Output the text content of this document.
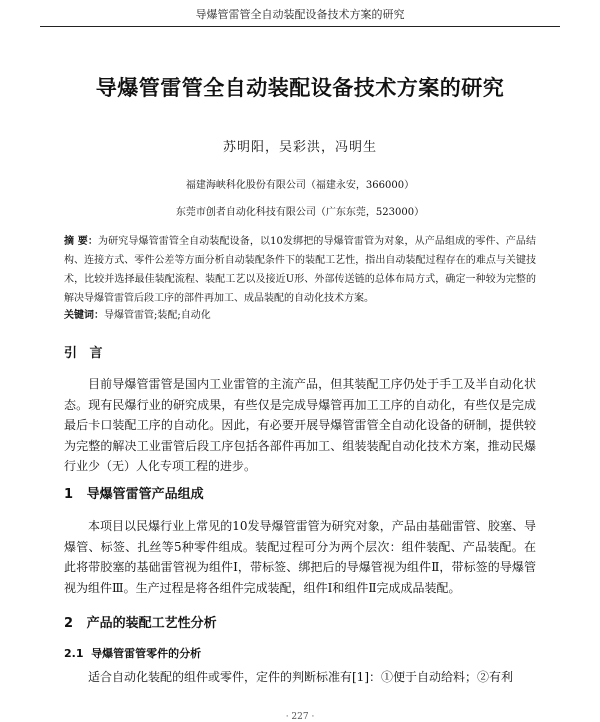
导爆管雷管全自动装配设备技术方案的研究
导爆管雷管全自动装配设备技术方案的研究
苏明阳，吴彩洪，冯明生
福建海峡科化股份有限公司（福建永安，366000）
东莞市创者自动化科技有限公司（广东东莞，523000）
摘 要：为研究导爆管雷管全自动装配设备，以10发绑把的导爆管雷管为对象，从产品组成的零件、产品结构、连接方式、零件公差等方面分析自动装配条件下的装配工艺性，指出自动装配过程存在的难点与关键技术，比较并选择最佳装配流程、装配工艺以及接近U形、外部传送链的总体布局方式，确定一种较为完整的解决导爆管雷管后段工序的部件再加工、成品装配的自动化技术方案。
关键词：导爆管雷管;装配;自动化
引 言
目前导爆管雷管是国内工业雷管的主流产品，但其装配工序仍处于手工及半自动化状态。现有民爆行业的研究成果，有些仅是完成导爆管再加工工序的自动化，有些仅是完成最后卡口装配工序的自动化。因此，有必要开展导爆管雷管全自动化设备的研制，提供较为完整的解决工业雷管后段工序包括各部件再加工、组装装配自动化技术方案，推动民爆行业少（无）人化专项工程的进步。
1 导爆管雷管产品组成
本项目以民爆行业上常见的10发导爆管雷管为研究对象，产品由基础雷管、胶塞、导爆管、标签、扎丝等5种零件组成。装配过程可分为两个层次：组件装配、产品装配。在此将带胶塞的基础雷管视为组件Ⅰ，带标签、绑把后的导爆管视为组件Ⅱ，带标签的导爆管视为组件Ⅲ。生产过程是将各组件完成装配，组件Ⅰ和组件Ⅱ完成成品装配。
2 产品的装配工艺性分析
2.1 导爆管雷管零件的分析
适合自动化装配的组件或零件，定件的判断标准有[1]：①便于自动给料；②有利
· 227 ·
